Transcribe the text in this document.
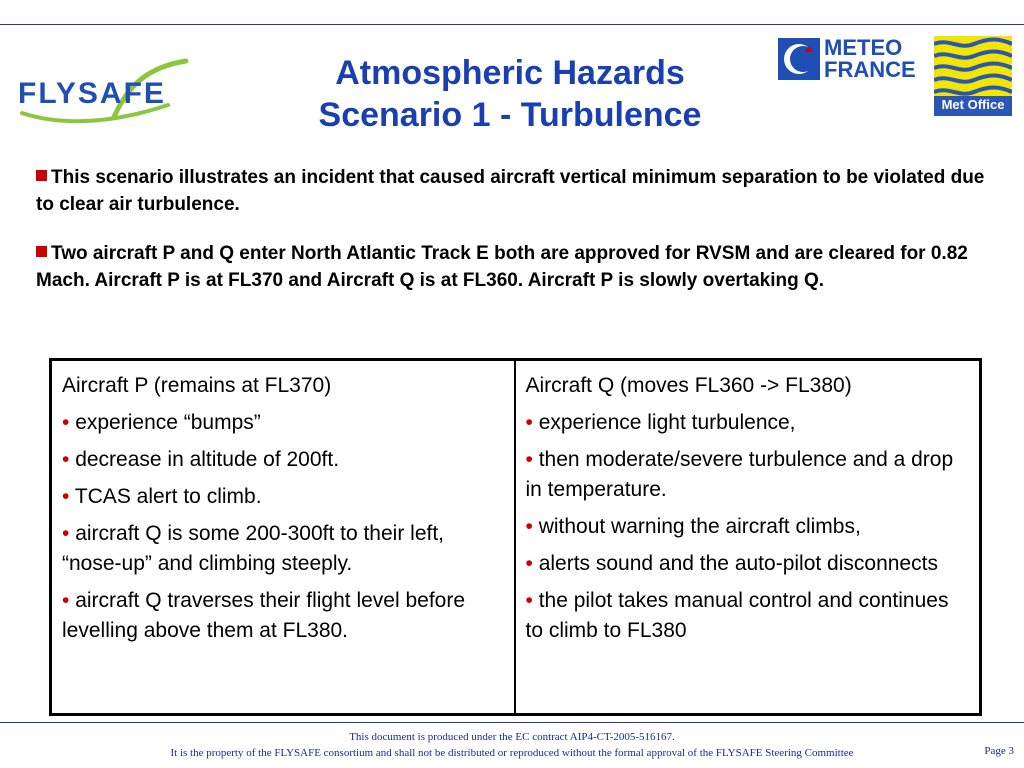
FLYSAFE
Atmospheric Hazards
Scenario 1 - Turbulence
METEO
FRANCE
Met Office

This scenario illustrates an incident that caused aircraft vertical minimum separation to be violated due to clear air turbulence.

Two aircraft P and Q enter North Atlantic Track E both are approved for RVSM and are cleared for 0.82 Mach. Aircraft P is at FL370 and Aircraft Q is at FL360. Aircraft P is slowly overtaking Q.

Aircraft P (remains at FL370)
• experience “bumps”
• decrease in altitude of 200ft.
• TCAS alert to climb.
• aircraft Q is some 200-300ft to their left, “nose-up” and climbing steeply.
• aircraft Q traverses their flight level before levelling above them at FL380.
Aircraft Q (moves FL360 -> FL380)
• experience light turbulence,
• then moderate/severe turbulence and a drop in temperature.
• without warning the aircraft climbs,
• alerts sound and the auto-pilot disconnects
• the pilot takes manual control and continues to climb to FL380
This document is produced under the EC contract AIP4-CT-2005-516167.
It is the property of the FLYSAFE consortium and shall not be distributed or reproduced without the formal approval of the FLYSAFE Steering Committee	Page 3
